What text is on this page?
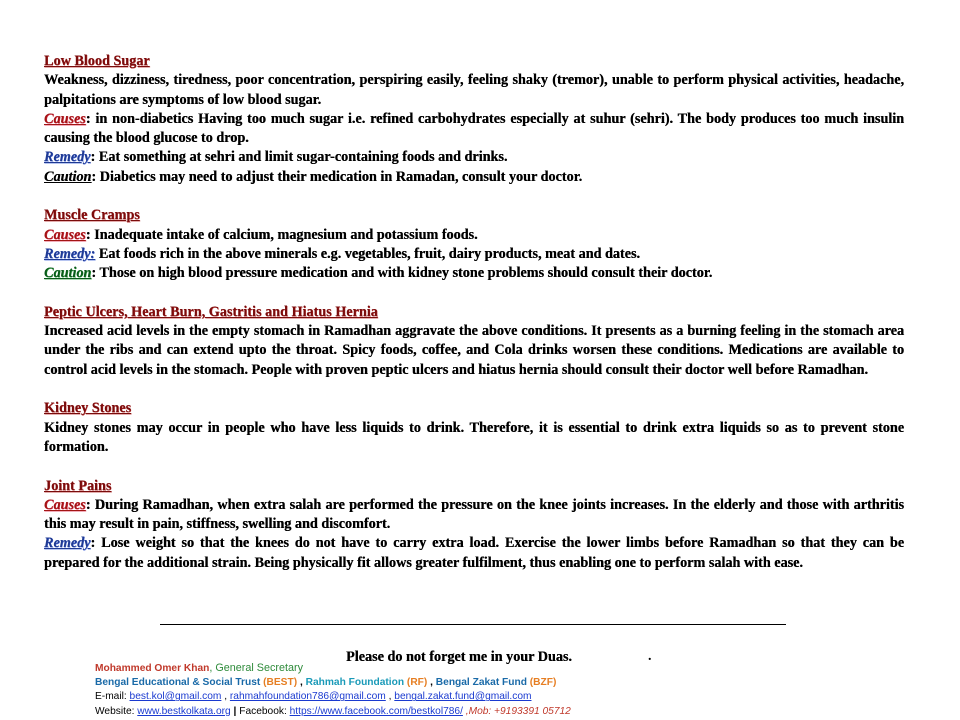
Low Blood Sugar

Weakness, dizziness, tiredness, poor concentration, perspiring easily, feeling shaky (tremor), unable to perform physical activities, headache, palpitations are symptoms of low blood sugar.

Causes: in non-diabetics Having too much sugar i.e. refined carbohydrates especially at suhur (sehri). The body produces too much insulin causing the blood glucose to drop.

Remedy: Eat something at sehri and limit sugar-containing foods and drinks.

Caution: Diabetics may need to adjust their medication in Ramadan, consult your doctor.

Muscle Cramps

Causes: Inadequate intake of calcium, magnesium and potassium foods.

Remedy: Eat foods rich in the above minerals e.g. vegetables, fruit, dairy products, meat and dates.

Caution: Those on high blood pressure medication and with kidney stone problems should consult their doctor.

Peptic Ulcers, Heart Burn, Gastritis and Hiatus Hernia

Increased acid levels in the empty stomach in Ramadhan aggravate the above conditions. It presents as a burning feeling in the stomach area under the ribs and can extend upto the throat. Spicy foods, coffee, and Cola drinks worsen these conditions. Medications are available to control acid levels in the stomach. People with proven peptic ulcers and hiatus hernia should consult their doctor well before Ramadhan.

Kidney Stones

Kidney stones may occur in people who have less liquids to drink. Therefore, it is essential to drink extra liquids so as to prevent stone formation.

Joint Pains

Causes: During Ramadhan, when extra salah are performed the pressure on the knee joints increases. In the elderly and those with arthritis this may result in pain, stiffness, swelling and discomfort.

Remedy: Lose weight so that the knees do not have to carry extra load. Exercise the lower limbs before Ramadhan so that they can be prepared for the additional strain. Being physically fit allows greater fulfilment, thus enabling one to perform salah with ease.

Please do not forget me in your Duas.	.
Mohammed Omer Khan, General Secretary
Bengal Educational & Social Trust (BEST) , Rahmah Foundation (RF) , Bengal Zakat Fund (BZF)
E-mail: best.kol@gmail.com , rahmahfoundation786@gmail.com , bengal.zakat.fund@gmail.com
Website: www.bestkolkata.org | Facebook: https://www.facebook.com/bestkol786/ ,Mob: +9193391 05712
